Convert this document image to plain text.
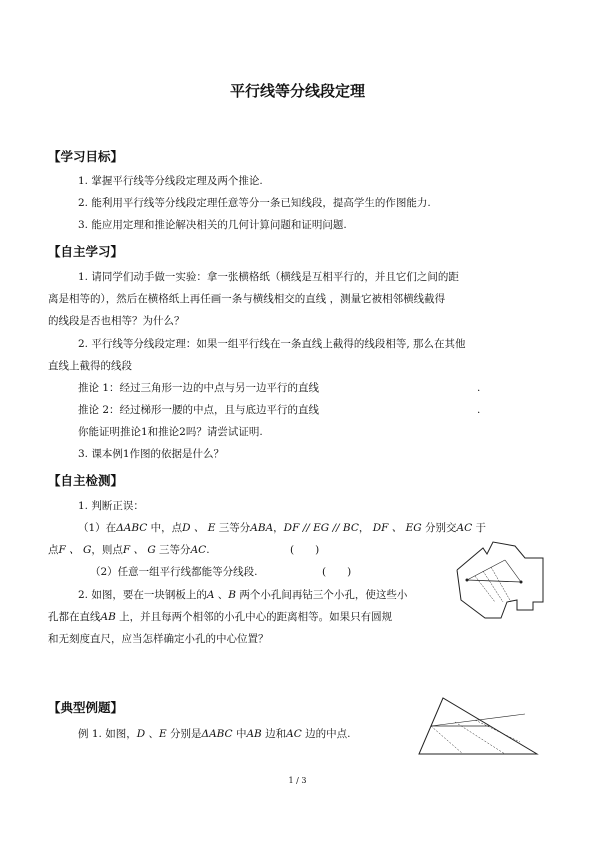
平行线等分线段定理
【学习目标】
1. 掌握平行线等分线段定理及两个推论.
2. 能利用平行线等分线段定理任意等分一条已知线段，提高学生的作图能力.
3. 能应用定理和推论解决相关的几何计算问题和证明问题.
【自主学习】
1. 请同学们动手做一实验：拿一张横格纸（横线是互相平行的，并且它们之间的距
离是相等的），然后在横格纸上再任画一条与横线相交的直线 ，测量它被相邻横线截得
的线段是否也相等？为什么？
2. 平行线等分线段定理：如果一组平行线在一条直线上截得的线段相等, 那么在其他
直线上截得的线段
推论 1：经过三角形一边的中点与另一边平行的直线	.
推论 2：经过梯形一腰的中点，且与底边平行的直线	.
你能证明推论1和推论2吗？请尝试证明.
3. 课本例1作图的依据是什么？
【自主检测】
1. 判断正误：
（1）在ΔABC 中，点D 、 E 三等分ABA，DF // EG // BC， DF 、 EG 分别交AC 于
点F 、 G，则点F 、 G 三等分AC.	(　　)
（2）任意一组平行线都能等分线段.	(　　)
2. 如图，要在一块钢板上的A 、B 两个小孔间再钻三个小孔，使这些小
孔都在直线AB 上，并且每两个相邻的小孔中心的距离相等。如果只有圆规
和无刻度直尺，应当怎样确定小孔的中心位置？
【典型例题】
例 1. 如图，D 、E 分别是ΔABC 中AB 边和AC 边的中点.
1 / 3
